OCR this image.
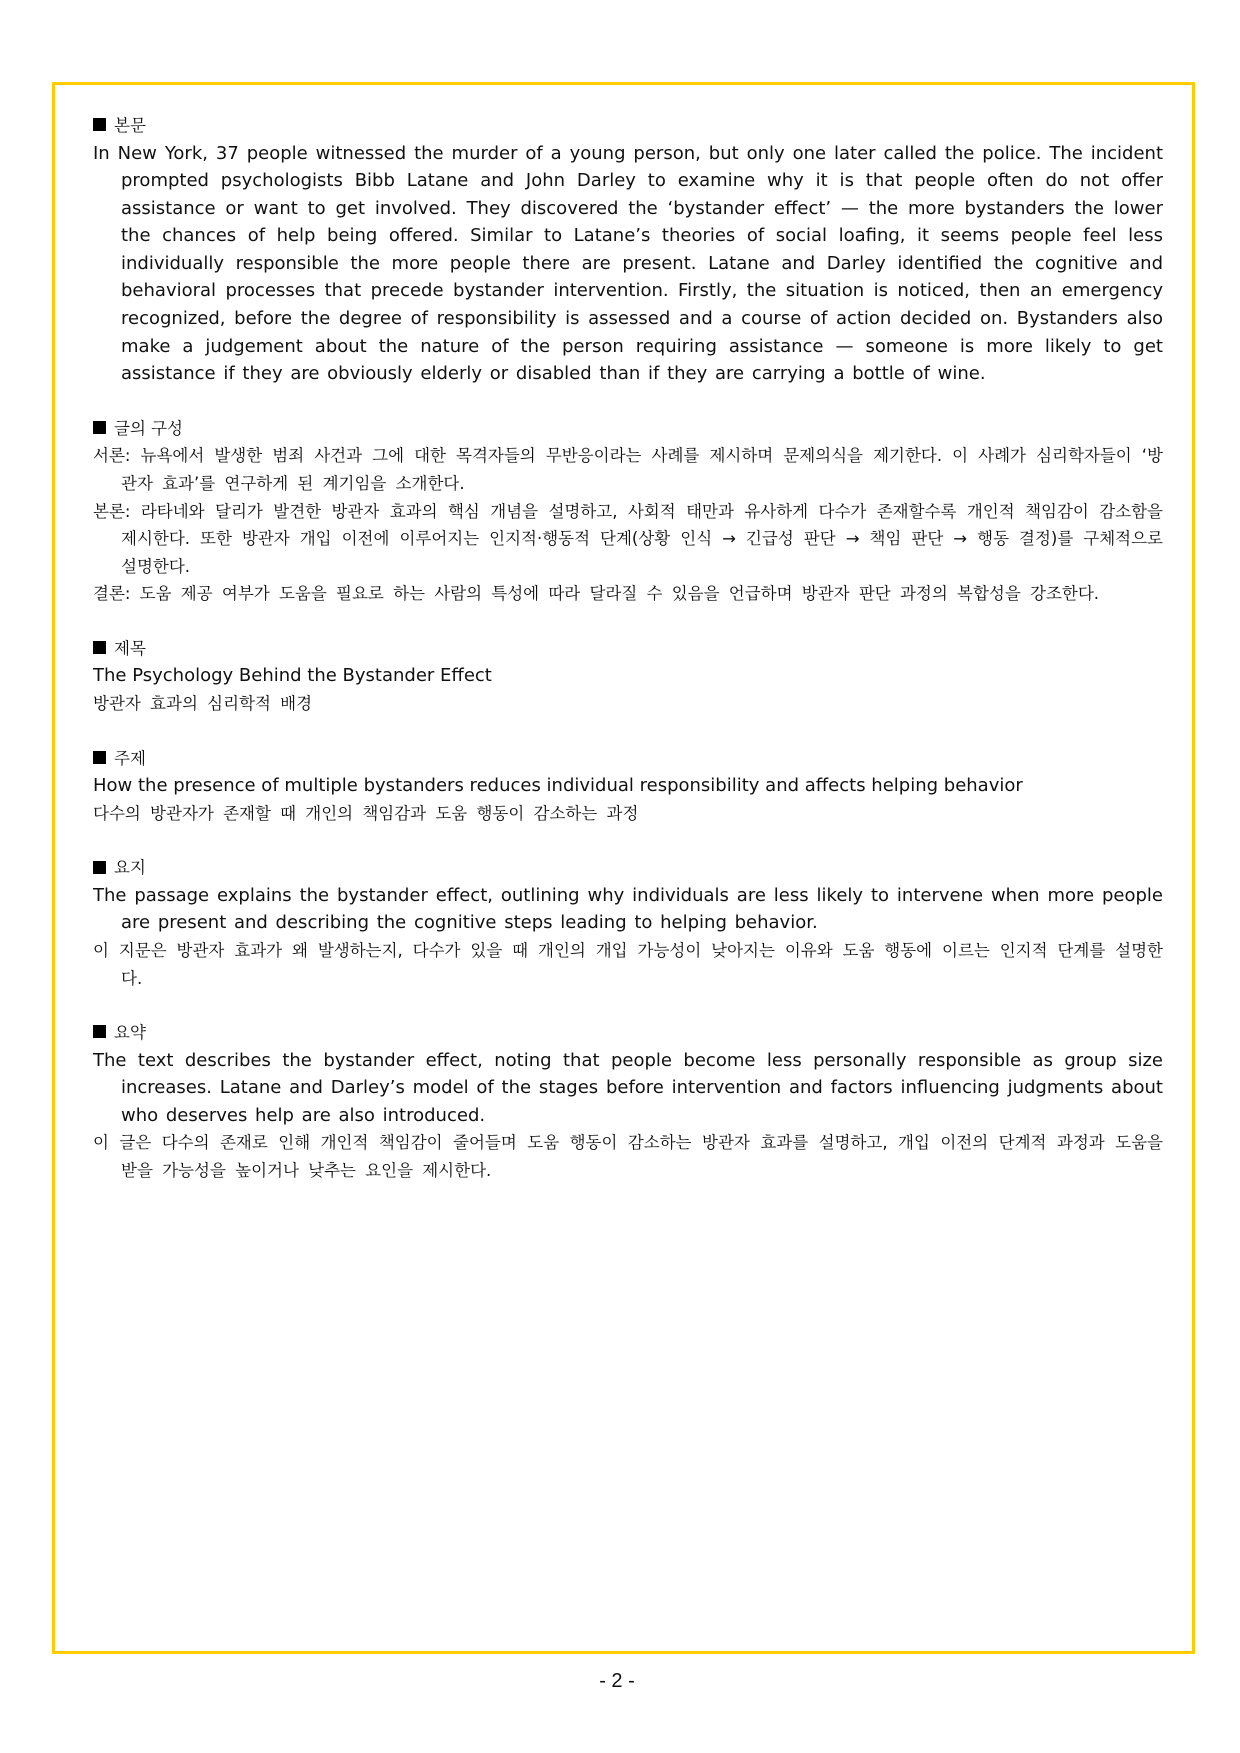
본문
In New York, 37 people witnessed the murder of a young person, but only one later called the police. The incident prompted psychologists Bibb Latane and John Darley to examine why it is that people often do not offer assistance or want to get involved. They discovered the ‘bystander effect’ — the more bystanders the lower the chances of help being offered. Similar to Latane’s theories of social loafing, it seems people feel less individually responsible the more people there are present. Latane and Darley identified the cognitive and behavioral processes that precede bystander intervention. Firstly, the situation is noticed, then an emergency recognized, before the degree of responsibility is assessed and a course of action decided on. Bystanders also make a judgement about the nature of the person requiring assistance — someone is more likely to get assistance if they are obviously elderly or disabled than if they are carrying a bottle of wine.
글의 구성
서론: 뉴욕에서 발생한 범죄 사건과 그에 대한 목격자들의 무반응이라는 사례를 제시하며 문제의식을 제기한다. 이 사례가 심리학자들이 ‘방관자 효과’를 연구하게 된 계기임을 소개한다.
본론: 라타네와 달리가 발견한 방관자 효과의 핵심 개념을 설명하고, 사회적 태만과 유사하게 다수가 존재할수록 개인적 책임감이 감소함을 제시한다. 또한 방관자 개입 이전에 이루어지는 인지적·행동적 단계(상황 인식 → 긴급성 판단 → 책임 판단 → 행동 결정)를 구체적으로 설명한다.
결론: 도움 제공 여부가 도움을 필요로 하는 사람의 특성에 따라 달라질 수 있음을 언급하며 방관자 판단 과정의 복합성을 강조한다.
제목
The Psychology Behind the Bystander Effect
방관자 효과의 심리학적 배경
주제
How the presence of multiple bystanders reduces individual responsibility and affects helping behavior
다수의 방관자가 존재할 때 개인의 책임감과 도움 행동이 감소하는 과정
요지
The passage explains the bystander effect, outlining why individuals are less likely to intervene when more people are present and describing the cognitive steps leading to helping behavior.
이 지문은 방관자 효과가 왜 발생하는지, 다수가 있을 때 개인의 개입 가능성이 낮아지는 이유와 도움 행동에 이르는 인지적 단계를 설명한다.
요약
The text describes the bystander effect, noting that people become less personally responsible as group size increases. Latane and Darley’s model of the stages before intervention and factors influencing judgments about who deserves help are also introduced.
이 글은 다수의 존재로 인해 개인적 책임감이 줄어들며 도움 행동이 감소하는 방관자 효과를 설명하고, 개입 이전의 단계적 과정과 도움을 받을 가능성을 높이거나 낮추는 요인을 제시한다.
- 2 -
